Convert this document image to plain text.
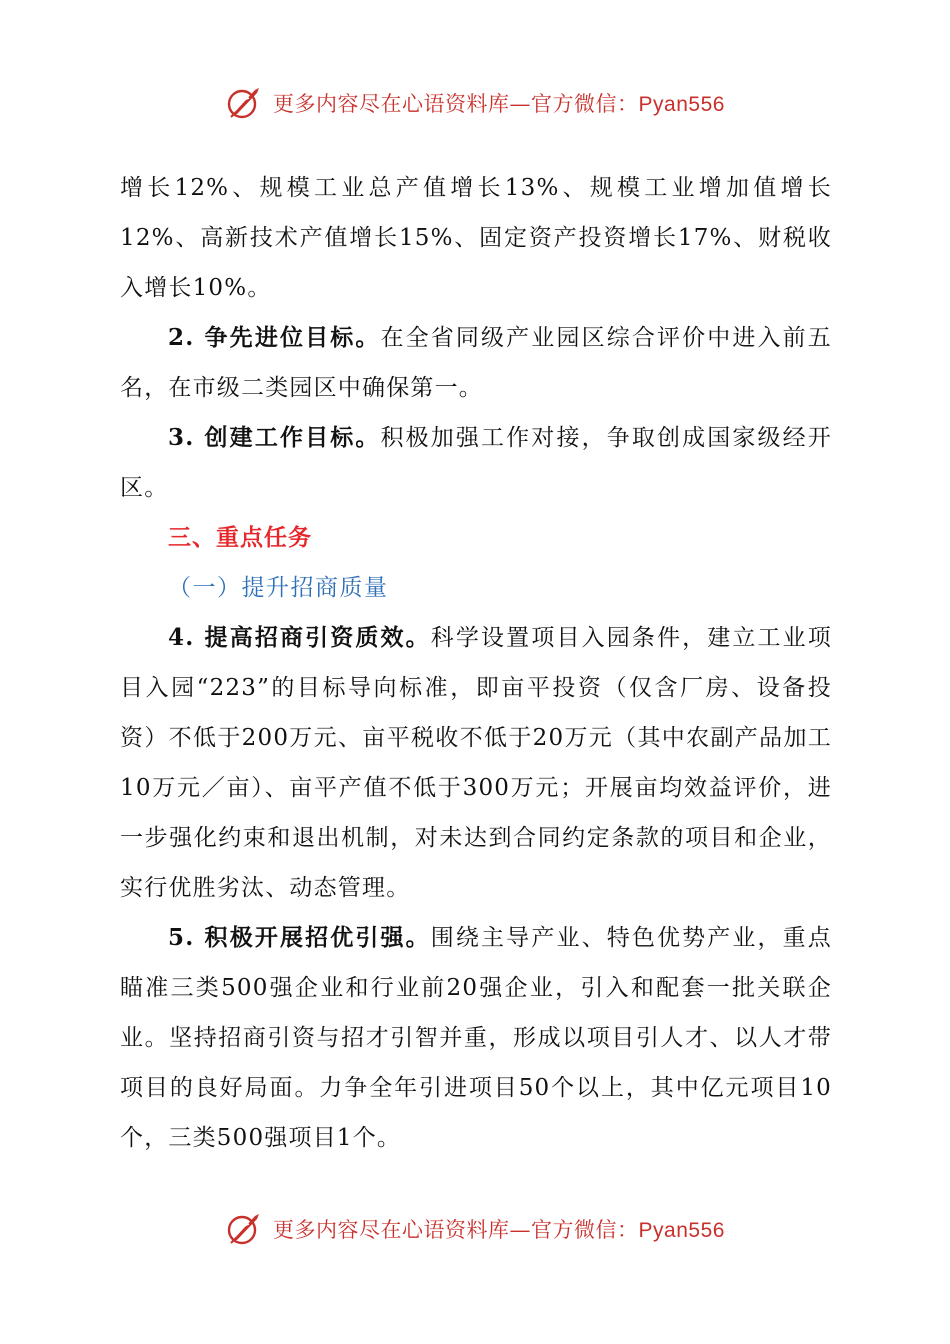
更多内容尽在心语资料库—官方微信：Pyan556

增长12%、规模工业总产值增长13%、规模工业增加值增长12%、高新技术产值增长15%、固定资产投资增长17%、财税收入增长10%。

2. 争先进位目标。在全省同级产业园区综合评价中进入前五名，在市级二类园区中确保第一。

3. 创建工作目标。积极加强工作对接，争取创成国家级经开区。

三、重点任务

（一）提升招商质量

4. 提高招商引资质效。科学设置项目入园条件，建立工业项目入园“223”的目标导向标准，即亩平投资（仅含厂房、设备投资）不低于200万元、亩平税收不低于20万元（其中农副产品加工10万元／亩）、亩平产值不低于300万元；开展亩均效益评价，进一步强化约束和退出机制，对未达到合同约定条款的项目和企业，实行优胜劣汰、动态管理。

5. 积极开展招优引强。围绕主导产业、特色优势产业，重点瞄准三类500强企业和行业前20强企业，引入和配套一批关联企业。坚持招商引资与招才引智并重，形成以项目引人才、以人才带项目的良好局面。力争全年引进项目50个以上，其中亿元项目10个，三类500强项目1个。

更多内容尽在心语资料库—官方微信：Pyan556
